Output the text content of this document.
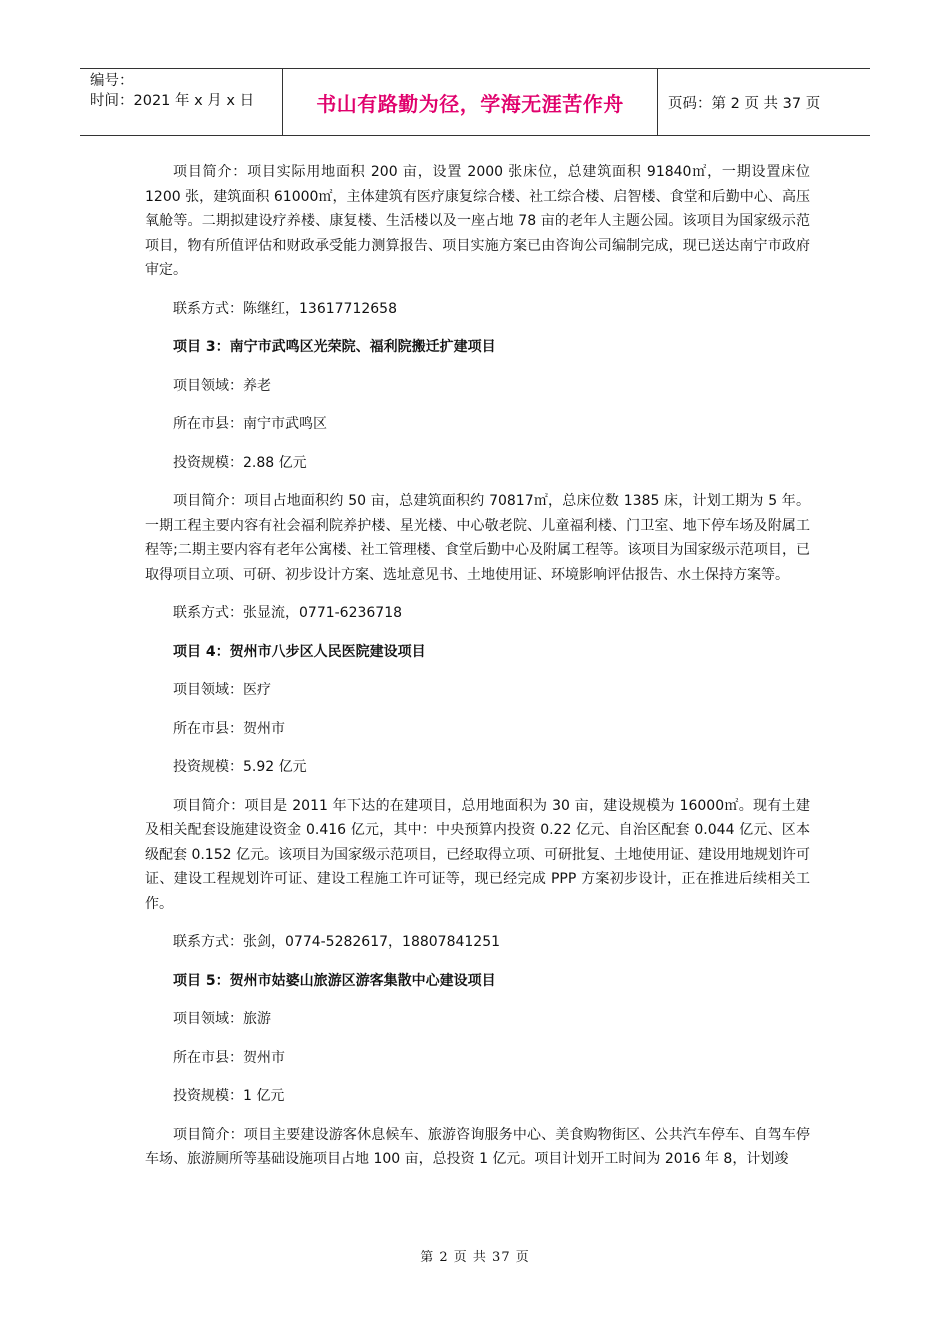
编号：
时间：2021 年 x 月 x 日	书山有路勤为径，学海无涯苦作舟	页码：第 2 页 共 37 页

项目简介：项目实际用地面积 200 亩，设置 2000 张床位，总建筑面积 91840㎡，一期设置床位 1200 张，建筑面积 61000㎡，主体建筑有医疗康复综合楼、社工综合楼、启智楼、食堂和后勤中心、高压氧舱等。二期拟建设疗养楼、康复楼、生活楼以及一座占地 78 亩的老年人主题公园。该项目为国家级示范项目，物有所值评估和财政承受能力测算报告、项目实施方案已由咨询公司编制完成，现已送达南宁市政府审定。

联系方式：陈继红，13617712658

项目 3：南宁市武鸣区光荣院、福利院搬迁扩建项目

项目领域：养老

所在市县：南宁市武鸣区

投资规模：2.88 亿元

项目简介：项目占地面积约 50 亩，总建筑面积约 70817㎡，总床位数 1385 床，计划工期为 5 年。一期工程主要内容有社会福利院养护楼、星光楼、中心敬老院、儿童福利楼、门卫室、地下停车场及附属工程等;二期主要内容有老年公寓楼、社工管理楼、食堂后勤中心及附属工程等。该项目为国家级示范项目，已取得项目立项、可研、初步设计方案、选址意见书、土地使用证、环境影响评估报告、水土保持方案等。

联系方式：张显流，0771-6236718

项目 4：贺州市八步区人民医院建设项目

项目领域：医疗

所在市县：贺州市

投资规模：5.92 亿元

项目简介：项目是 2011 年下达的在建项目，总用地面积为 30 亩，建设规模为 16000㎡。现有土建及相关配套设施建设资金 0.416 亿元，其中：中央预算内投资 0.22 亿元、自治区配套 0.044 亿元、区本级配套 0.152 亿元。该项目为国家级示范项目，已经取得立项、可研批复、土地使用证、建设用地规划许可证、建设工程规划许可证、建设工程施工许可证等，现已经完成 PPP 方案初步设计，正在推进后续相关工作。

联系方式：张剑，0774-5282617，18807841251

项目 5：贺州市姑婆山旅游区游客集散中心建设项目

项目领域：旅游

所在市县：贺州市

投资规模：1 亿元

项目简介：项目主要建设游客休息候车、旅游咨询服务中心、美食购物街区、公共汽车停车、自驾车停车场、旅游厕所等基础设施项目占地 100 亩，总投资 1 亿元。项目计划开工时间为 2016 年 8，计划竣

第 2 页 共 37 页
